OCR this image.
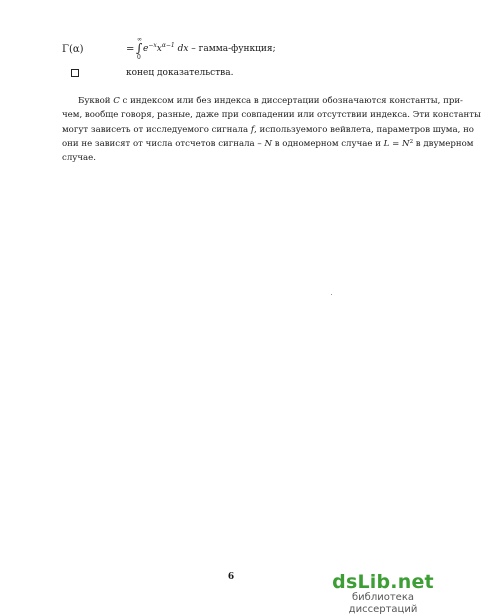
Γ(α)	=
∞
∫
0
$e^{-x}x^{\alpha-1}$ dx – гамма-функция;
конец доказательства.
Буквой C с индексом или без индекса в диссертации обозначаются константы, при-
чем, вообще говоря, разные, даже при совпадении или отсутствии индекса. Эти константы
могут зависеть от исследуемого сигнала f, используемого вейвлета, параметров шума, но
они не зависят от числа отсчетов сигнала – N в одномерном случае и $L = N^2$ в двумерном
случае.
6	dsLib.net
библиотека диссертаций
